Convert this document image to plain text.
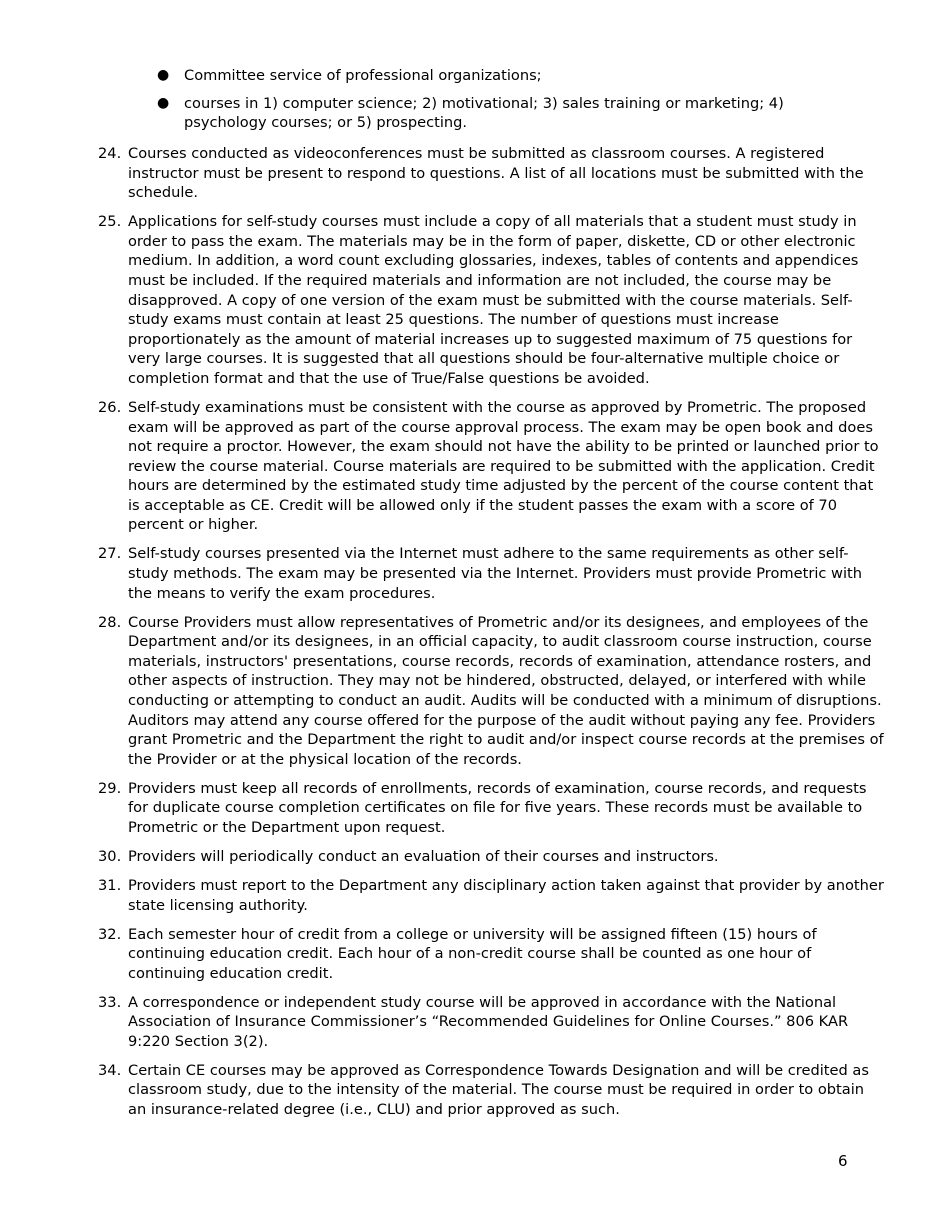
● Committee service of professional organizations;
● courses in 1) computer science; 2) motivational; 3) sales training or marketing; 4) psychology courses; or 5) prospecting.
24. Courses conducted as videoconferences must be submitted as classroom courses. A registered instructor must be present to respond to questions. A list of all locations must be submitted with the schedule.
25. Applications for self-study courses must include a copy of all materials that a student must study in order to pass the exam. The materials may be in the form of paper, diskette, CD or other electronic medium. In addition, a word count excluding glossaries, indexes, tables of contents and appendices must be included. If the required materials and information are not included, the course may be disapproved. A copy of one version of the exam must be submitted with the course materials. Self-study exams must contain at least 25 questions. The number of questions must increase proportionately as the amount of material increases up to suggested maximum of 75 questions for very large courses. It is suggested that all questions should be four-alternative multiple choice or completion format and that the use of True/False questions be avoided.
26. Self-study examinations must be consistent with the course as approved by Prometric. The proposed exam will be approved as part of the course approval process. The exam may be open book and does not require a proctor. However, the exam should not have the ability to be printed or launched prior to review the course material. Course materials are required to be submitted with the application. Credit hours are determined by the estimated study time adjusted by the percent of the course content that is acceptable as CE. Credit will be allowed only if the student passes the exam with a score of 70 percent or higher.
27. Self-study courses presented via the Internet must adhere to the same requirements as other self-study methods. The exam may be presented via the Internet. Providers must provide Prometric with the means to verify the exam procedures.
28. Course Providers must allow representatives of Prometric and/or its designees, and employees of the Department and/or its designees, in an official capacity, to audit classroom course instruction, course materials, instructors' presentations, course records, records of examination, attendance rosters, and other aspects of instruction. They may not be hindered, obstructed, delayed, or interfered with while conducting or attempting to conduct an audit. Audits will be conducted with a minimum of disruptions. Auditors may attend any course offered for the purpose of the audit without paying any fee. Providers grant Prometric and the Department the right to audit and/or inspect course records at the premises of the Provider or at the physical location of the records.
29. Providers must keep all records of enrollments, records of examination, course records, and requests for duplicate course completion certificates on file for five years. These records must be available to Prometric or the Department upon request.
30. Providers will periodically conduct an evaluation of their courses and instructors.
31. Providers must report to the Department any disciplinary action taken against that provider by another state licensing authority.
32. Each semester hour of credit from a college or university will be assigned fifteen (15) hours of continuing education credit. Each hour of a non-credit course shall be counted as one hour of continuing education credit.
33. A correspondence or independent study course will be approved in accordance with the National Association of Insurance Commissioner’s “Recommended Guidelines for Online Courses.” 806 KAR 9:220 Section 3(2).
34. Certain CE courses may be approved as Correspondence Towards Designation and will be credited as classroom study, due to the intensity of the material. The course must be required in order to obtain an insurance-related degree (i.e., CLU) and prior approved as such.
6
